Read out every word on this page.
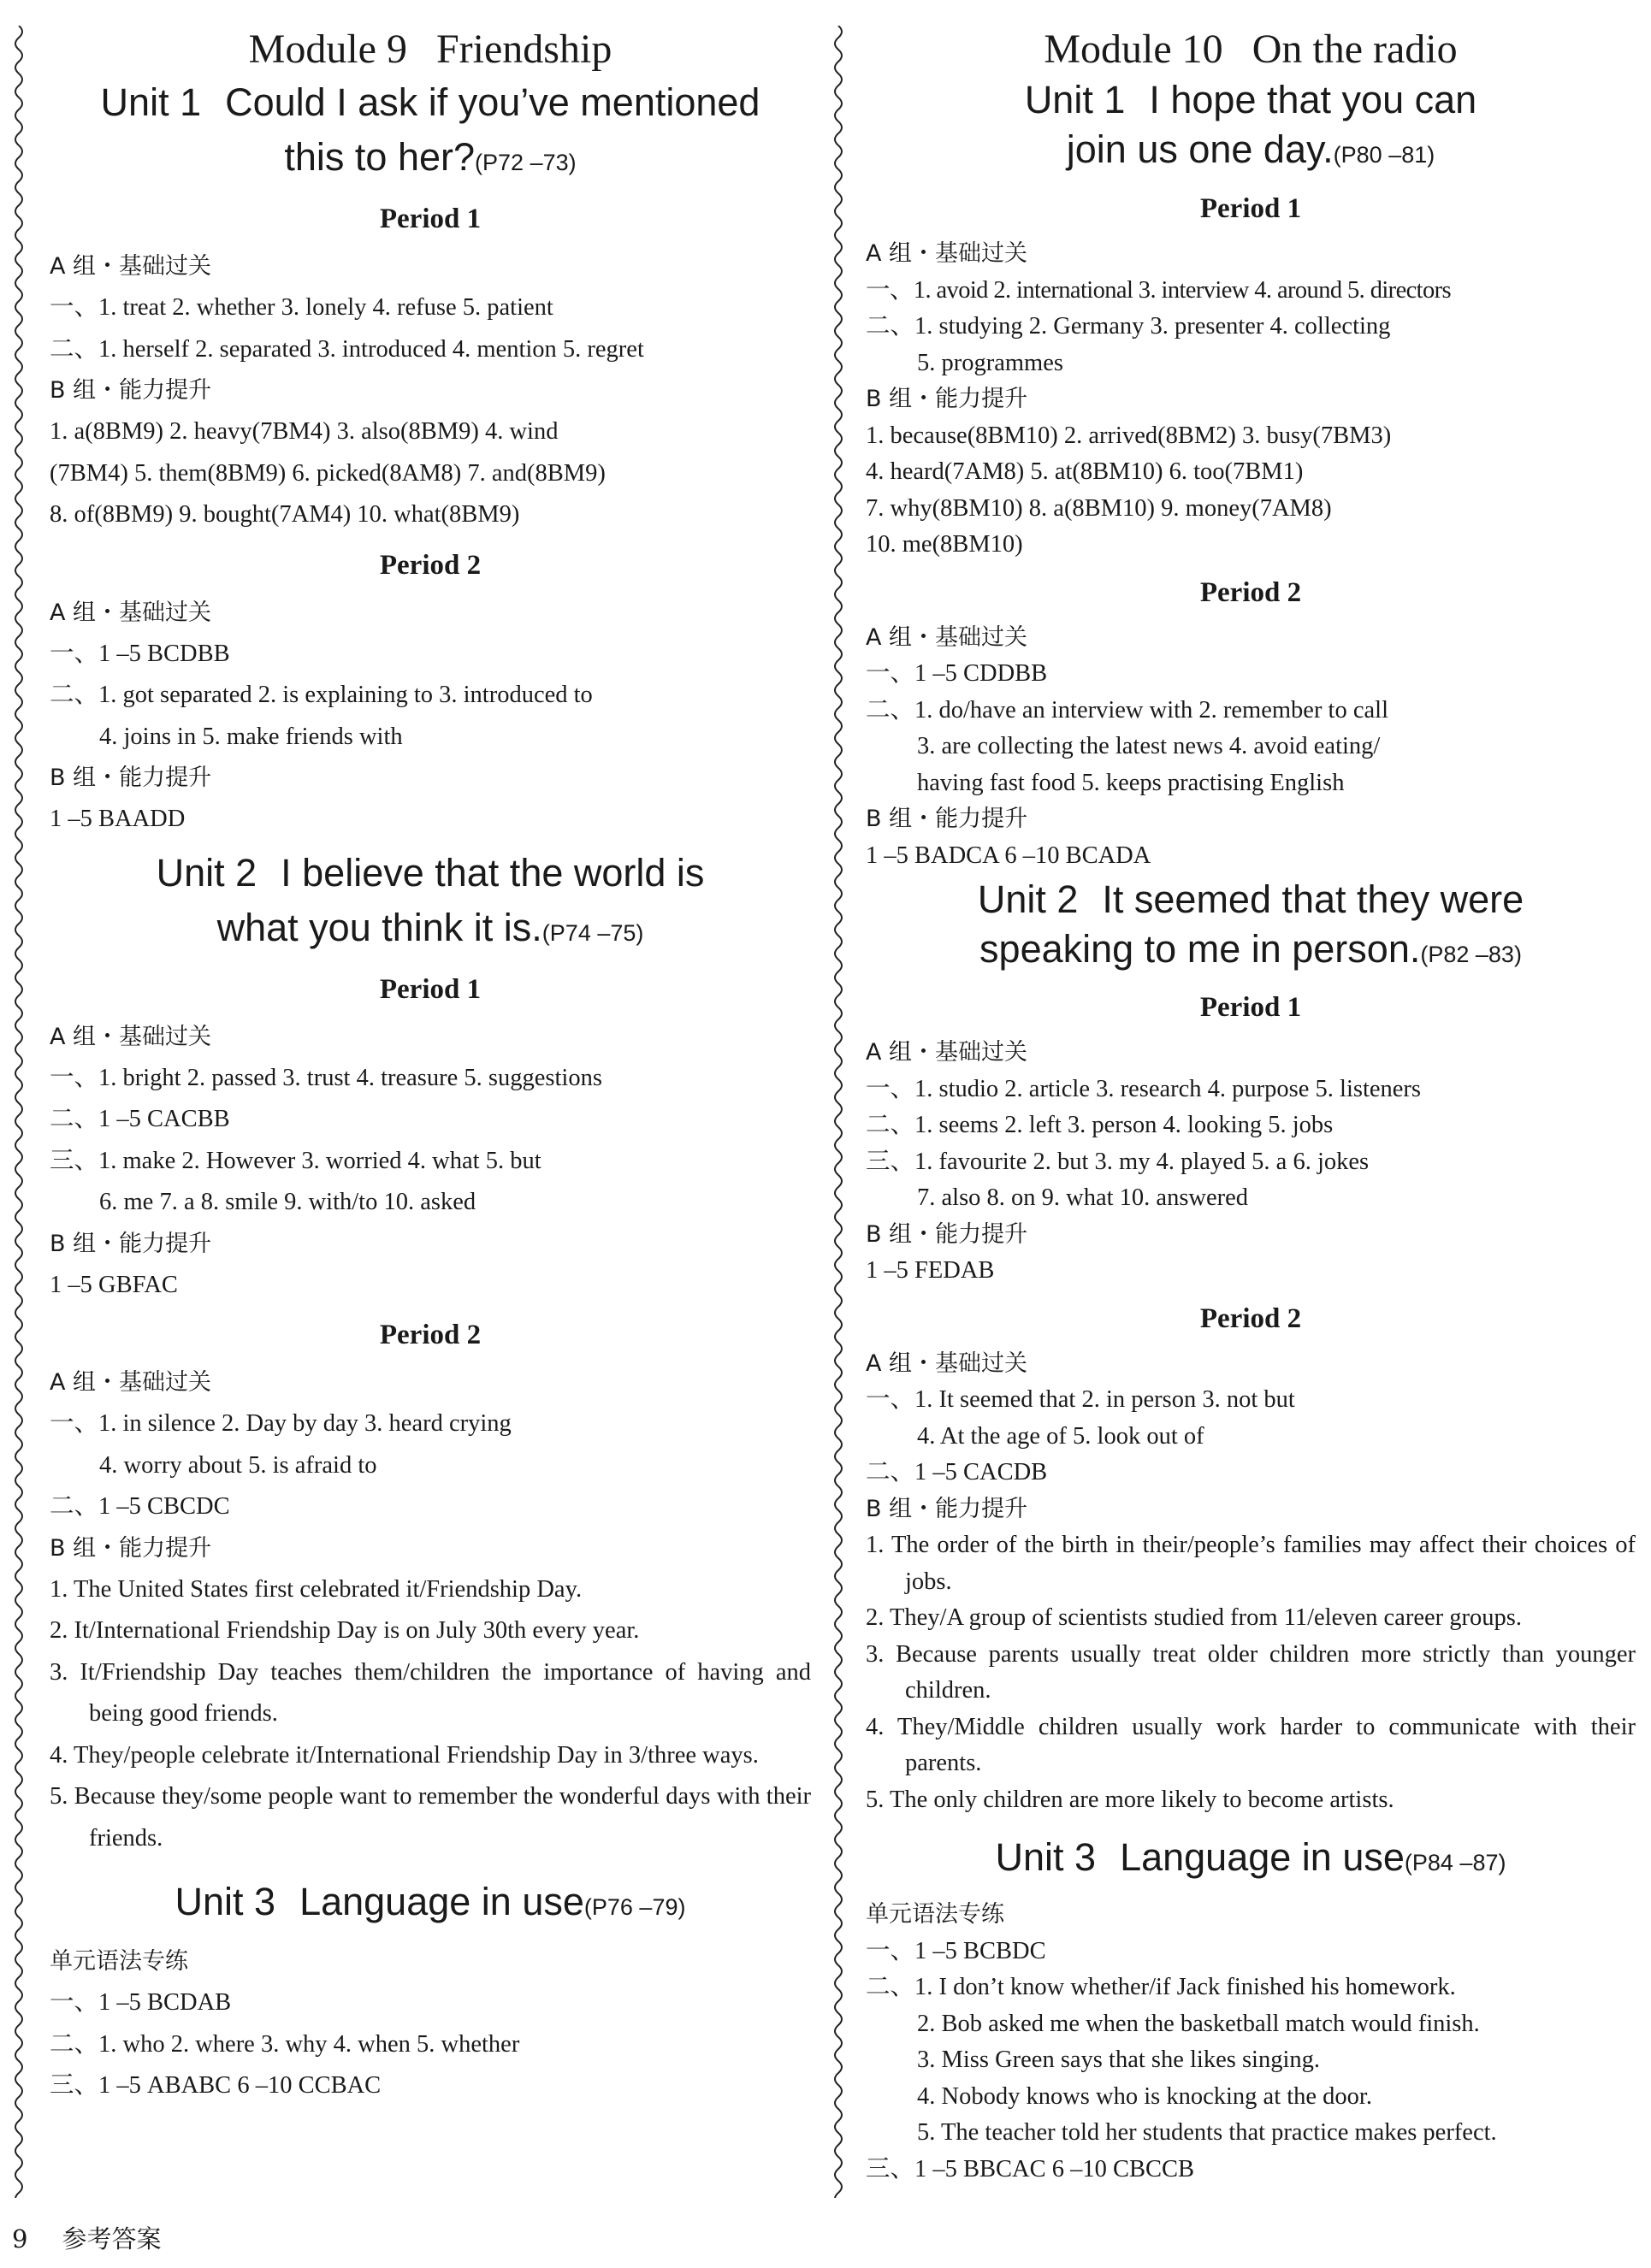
Module 9 Friendship
Unit 1 Could I ask if you’ve mentioned
this to her?(P72 –73)
Period 1

A 组・基础过关

一、1. treat 2. whether 3. lonely 4. refuse 5. patient

二、1. herself 2. separated 3. introduced 4. mention 5. regret

B 组・能力提升

1. a(8BM9) 2. heavy(7BM4) 3. also(8BM9) 4. wind

(7BM4) 5. them(8BM9) 6. picked(8AM8) 7. and(8BM9)

8. of(8BM9) 9. bought(7AM4) 10. what(8BM9)

Period 2

A 组・基础过关

一、1 –5 BCDBB

二、1. got separated 2. is explaining to 3. introduced to

4. joins in 5. make friends with

B 组・能力提升

1 –5 BAADD

Unit 2 I believe that the world is
what you think it is.(P74 –75)
Period 1

A 组・基础过关

一、1. bright 2. passed 3. trust 4. treasure 5. suggestions

二、1 –5 CACBB

三、1. make 2. However 3. worried 4. what 5. but

6. me 7. a 8. smile 9. with/to 10. asked

B 组・能力提升

1 –5 GBFAC

Period 2

A 组・基础过关

一、1. in silence 2. Day by day 3. heard crying

4. worry about 5. is afraid to

二、1 –5 CBCDC

B 组・能力提升

1. The United States first celebrated it/Friendship Day.

2. It/International Friendship Day is on July 30th every year.

3. It/Friendship Day teaches them/children the importance of having and being good friends.

4. They/people celebrate it/International Friendship Day in 3/three ways.

5. Because they/some people want to remember the wonderful days with their friends.

Unit 3 Language in use(P76 –79)

单元语法专练

一、1 –5 BCDAB

二、1. who 2. where 3. why 4. when 5. whether

三、1 –5 ABABC 6 –10 CCBAC

Module 10 On the radio
Unit 1 I hope that you can
join us one day.(P80 –81)
Period 1

A 组・基础过关

一、1. avoid 2. international 3. interview 4. around 5. directors

二、1. studying 2. Germany 3. presenter 4. collecting

5. programmes

B 组・能力提升

1. because(8BM10) 2. arrived(8BM2) 3. busy(7BM3)

4. heard(7AM8) 5. at(8BM10) 6. too(7BM1)

7. why(8BM10) 8. a(8BM10) 9. money(7AM8)

10. me(8BM10)

Period 2

A 组・基础过关

一、1 –5 CDDBB

二、1. do/have an interview with 2. remember to call

3. are collecting the latest news 4. avoid eating/

having fast food 5. keeps practising English

B 组・能力提升

1 –5 BADCA 6 –10 BCADA

Unit 2 It seemed that they were
speaking to me in person.(P82 –83)
Period 1

A 组・基础过关

一、1. studio 2. article 3. research 4. purpose 5. listeners

二、1. seems 2. left 3. person 4. looking 5. jobs

三、1. favourite 2. but 3. my 4. played 5. a 6. jokes

7. also 8. on 9. what 10. answered

B 组・能力提升

1 –5 FEDAB

Period 2

A 组・基础过关

一、1. It seemed that 2. in person 3. not but

4. At the age of 5. look out of

二、1 –5 CACDB

B 组・能力提升

1. The order of the birth in their/people’s families may affect their choices of jobs.

2. They/A group of scientists studied from 11/eleven career groups.

3. Because parents usually treat older children more strictly than younger children.

4. They/Middle children usually work harder to communicate with their parents.

5. The only children are more likely to become artists.

Unit 3 Language in use(P84 –87)

单元语法专练

一、1 –5 BCBDC

二、1. I don’t know whether/if Jack finished his homework.

2. Bob asked me when the basketball match would finish.

3. Miss Green says that she likes singing.

4. Nobody knows who is knocking at the door.

5. The teacher told her students that practice makes perfect.

三、1 –5 BBCAC 6 –10 CBCCB

9 参考答案
